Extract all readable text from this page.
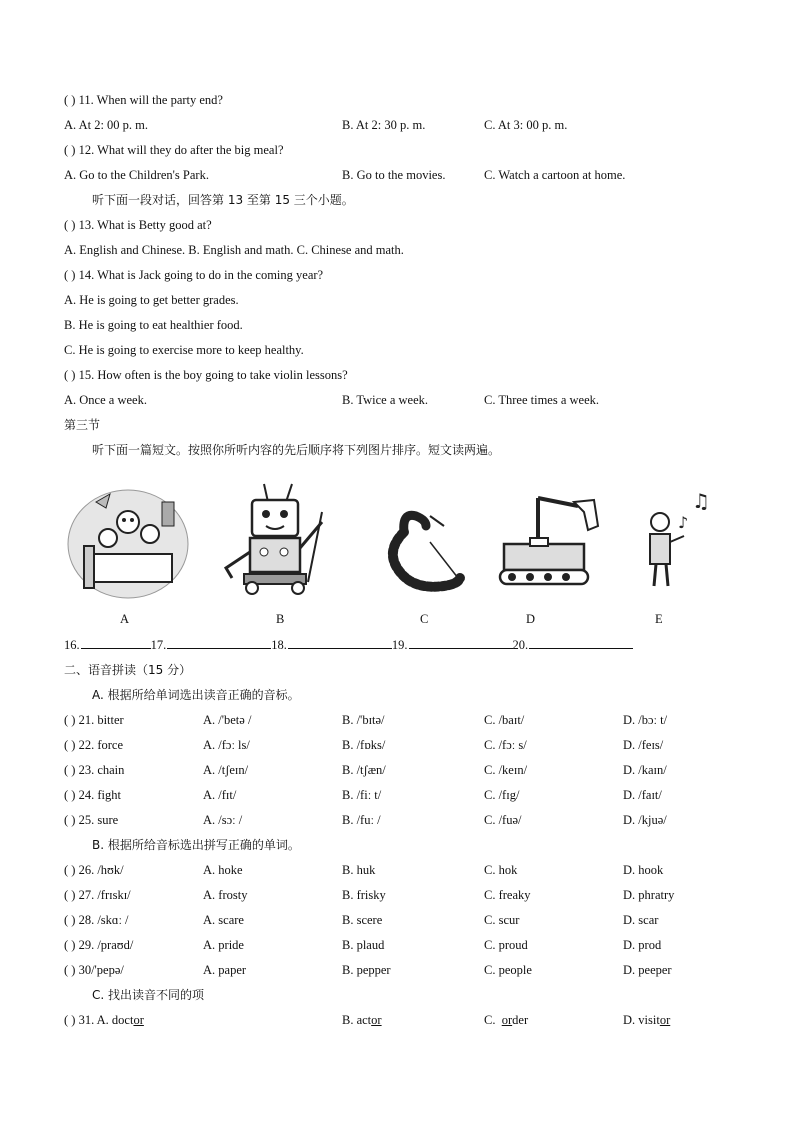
( ) 11. When will the party end?
A. At 2: 00 p. m.	B. At 2: 30 p. m.	C. At 3: 00 p. m.
( ) 12. What will they do after the big meal?
A. Go to the Children's Park.	B. Go to the movies.	C. Watch a cartoon at home.
听下面一段对话，回答第 13 至第 15 三个小题。
( ) 13. What is Betty good at?
A. English and Chinese. B. English and math. C. Chinese and math.
( ) 14. What is Jack going to do in the coming year?
A. He is going to get better grades.
B. He is going to eat healthier food.
C. He is going to exercise more to keep healthy.
( ) 15. How often is the boy going to take violin lessons?
A. Once a week.	B. Twice a week.	C. Three times a week.
第三节
听下面一篇短文。按照你所听内容的先后顺序将下列图片排序。短文读两遍。
♫
♪
A	B	C	D	E
16.	17.	18.	19.	20.
二、语音拼读（15 分）
A. 根据所给单词选出读音正确的音标。
( ) 21. bitter	A. /'betə /	B. /'bɪtə/	C. /baɪt/	D. /bɔː t/
( ) 22. force	A. /fɔː ls/	B. /fɒks/	C. /fɔː s/	D. /feɪs/
( ) 23. chain	A. /tʃeɪn/	B. /tʃæn/	C. /keɪn/	D. /kaɪn/
( ) 24. fight	A. /fɪt/	B. /fiː t/	C. /fɪg/	D. /faɪt/
( ) 25. sure	A. /sɔː /	B. /fuː /	C. /fuə/	D. /kjuə/
B. 根据所给音标选出拼写正确的单词。
( ) 26. /hʊk/	A. hoke	B. huk	C. hok	D. hook
( ) 27. /frɪskɪ/	A. frosty	B. frisky	C. freaky	D. phratry
( ) 28. /skɑː /	A. scare	B. scere	C. scur	D. scar
( ) 29. /praʊd/	A. pride	B. plaud	C. proud	D. prod
( ) 30/'pepə/	A. paper	B. pepper	C. people	D. peeper
C. 找出读音不同的项
( ) 31. A. doctor	B. actor	C.  order	D. visitor
